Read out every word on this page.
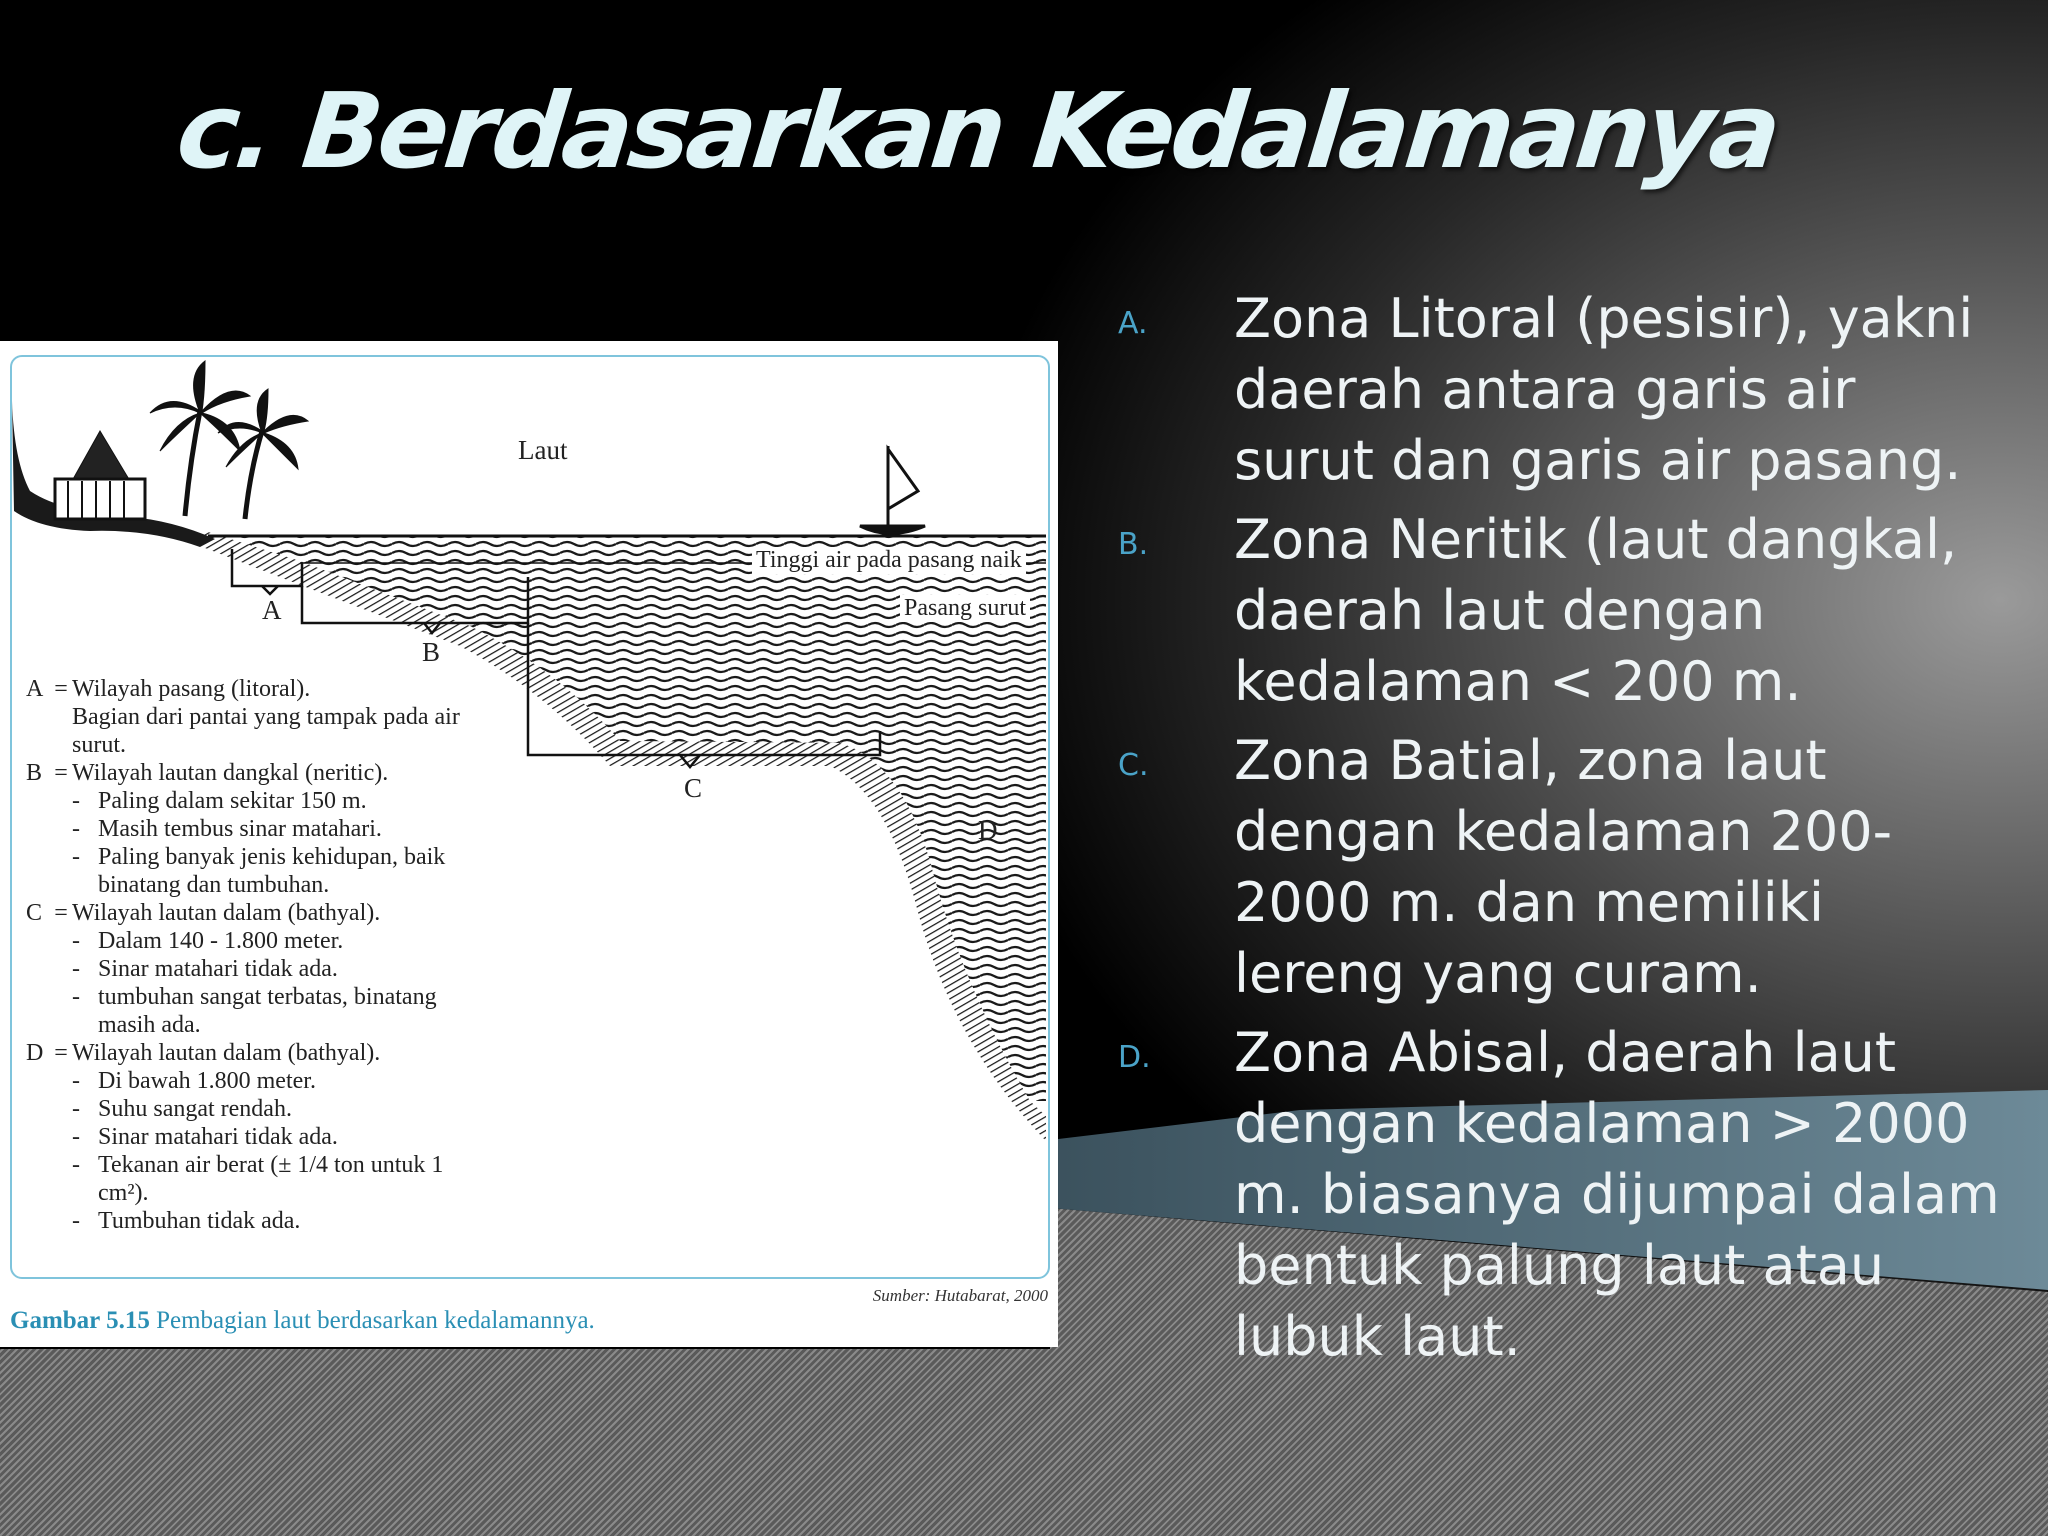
c. Berdasarkan Kedalamanya
Laut
Tinggi air pada pasang naik
Pasang surut
A
B
C
D
A = Wilayah pasang (litoral).
Bagian dari pantai yang tampak pada air
surut.
B = Wilayah lautan dangkal (neritic).
- Paling dalam sekitar 150 m.
- Masih tembus sinar matahari.
- Paling banyak jenis kehidupan, baik
binatang dan tumbuhan.
C = Wilayah lautan dalam (bathyal).
- Dalam 140 - 1.800 meter.
- Sinar matahari tidak ada.
- tumbuhan sangat terbatas, binatang
masih ada.
D = Wilayah lautan dalam (bathyal).
- Di bawah 1.800 meter.
- Suhu sangat rendah.
- Sinar matahari tidak ada.
- Tekanan air berat (± 1/4 ton untuk 1
cm²).
- Tumbuhan tidak ada.
Sumber: Hutabarat, 2000
Gambar 5.15 Pembagian laut berdasarkan kedalamannya.
A. Zona Litoral (pesisir), yakni daerah antara garis air surut dan garis air pasang.
B. Zona Neritik (laut dangkal, daerah laut dengan kedalaman < 200 m.
C. Zona Batial, zona laut dengan kedalaman 200-2000 m. dan memiliki lereng yang curam.
D. Zona Abisal, daerah laut dengan kedalaman > 2000 m. biasanya dijumpai dalam bentuk palung laut atau lubuk laut.
